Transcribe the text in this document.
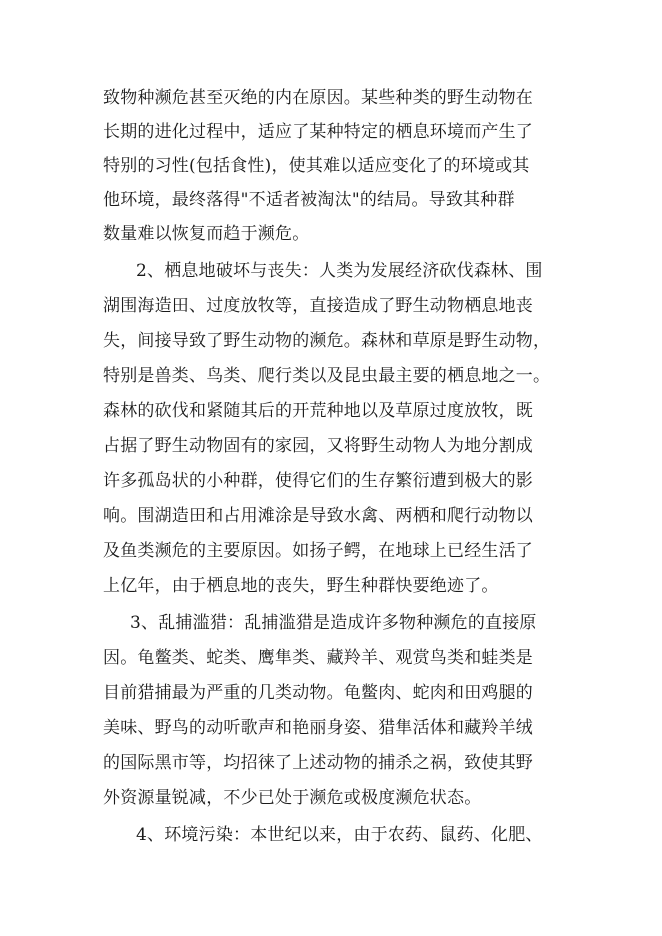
致物种濒危甚至灭绝的内在原因。某些种类的野生动物在
长期的进化过程中，适应了某种特定的栖息环境而产生了
特别的习性(包括食性)，使其难以适应变化了的环境或其
他环境，最终落得"不适者被淘汰"的结局。导致其种群
数量难以恢复而趋于濒危。
2、栖息地破坏与丧失：人类为发展经济砍伐森林、围
湖围海造田、过度放牧等，直接造成了野生动物栖息地丧
失，间接导致了野生动物的濒危。森林和草原是野生动物，
特别是兽类、鸟类、爬行类以及昆虫最主要的栖息地之一。
森林的砍伐和紧随其后的开荒种地以及草原过度放牧，既
占据了野生动物固有的家园，又将野生动物人为地分割成
许多孤岛状的小种群，使得它们的生存繁衍遭到极大的影
响。围湖造田和占用滩涂是导致水禽、两栖和爬行动物以
及鱼类濒危的主要原因。如扬子鳄，在地球上已经生活了
上亿年，由于栖息地的丧失，野生种群快要绝迹了。
3、乱捕滥猎：乱捕滥猎是造成许多物种濒危的直接原
因。龟鳖类、蛇类、鹰隼类、藏羚羊、观赏鸟类和蛙类是
目前猎捕最为严重的几类动物。龟鳖肉、蛇肉和田鸡腿的
美味、野鸟的动听歌声和艳丽身姿、猎隼活体和藏羚羊绒
的国际黑市等，均招徕了上述动物的捕杀之祸，致使其野
外资源量锐减，不少已处于濒危或极度濒危状态。
4、环境污染：本世纪以来，由于农药、鼠药、化肥、
